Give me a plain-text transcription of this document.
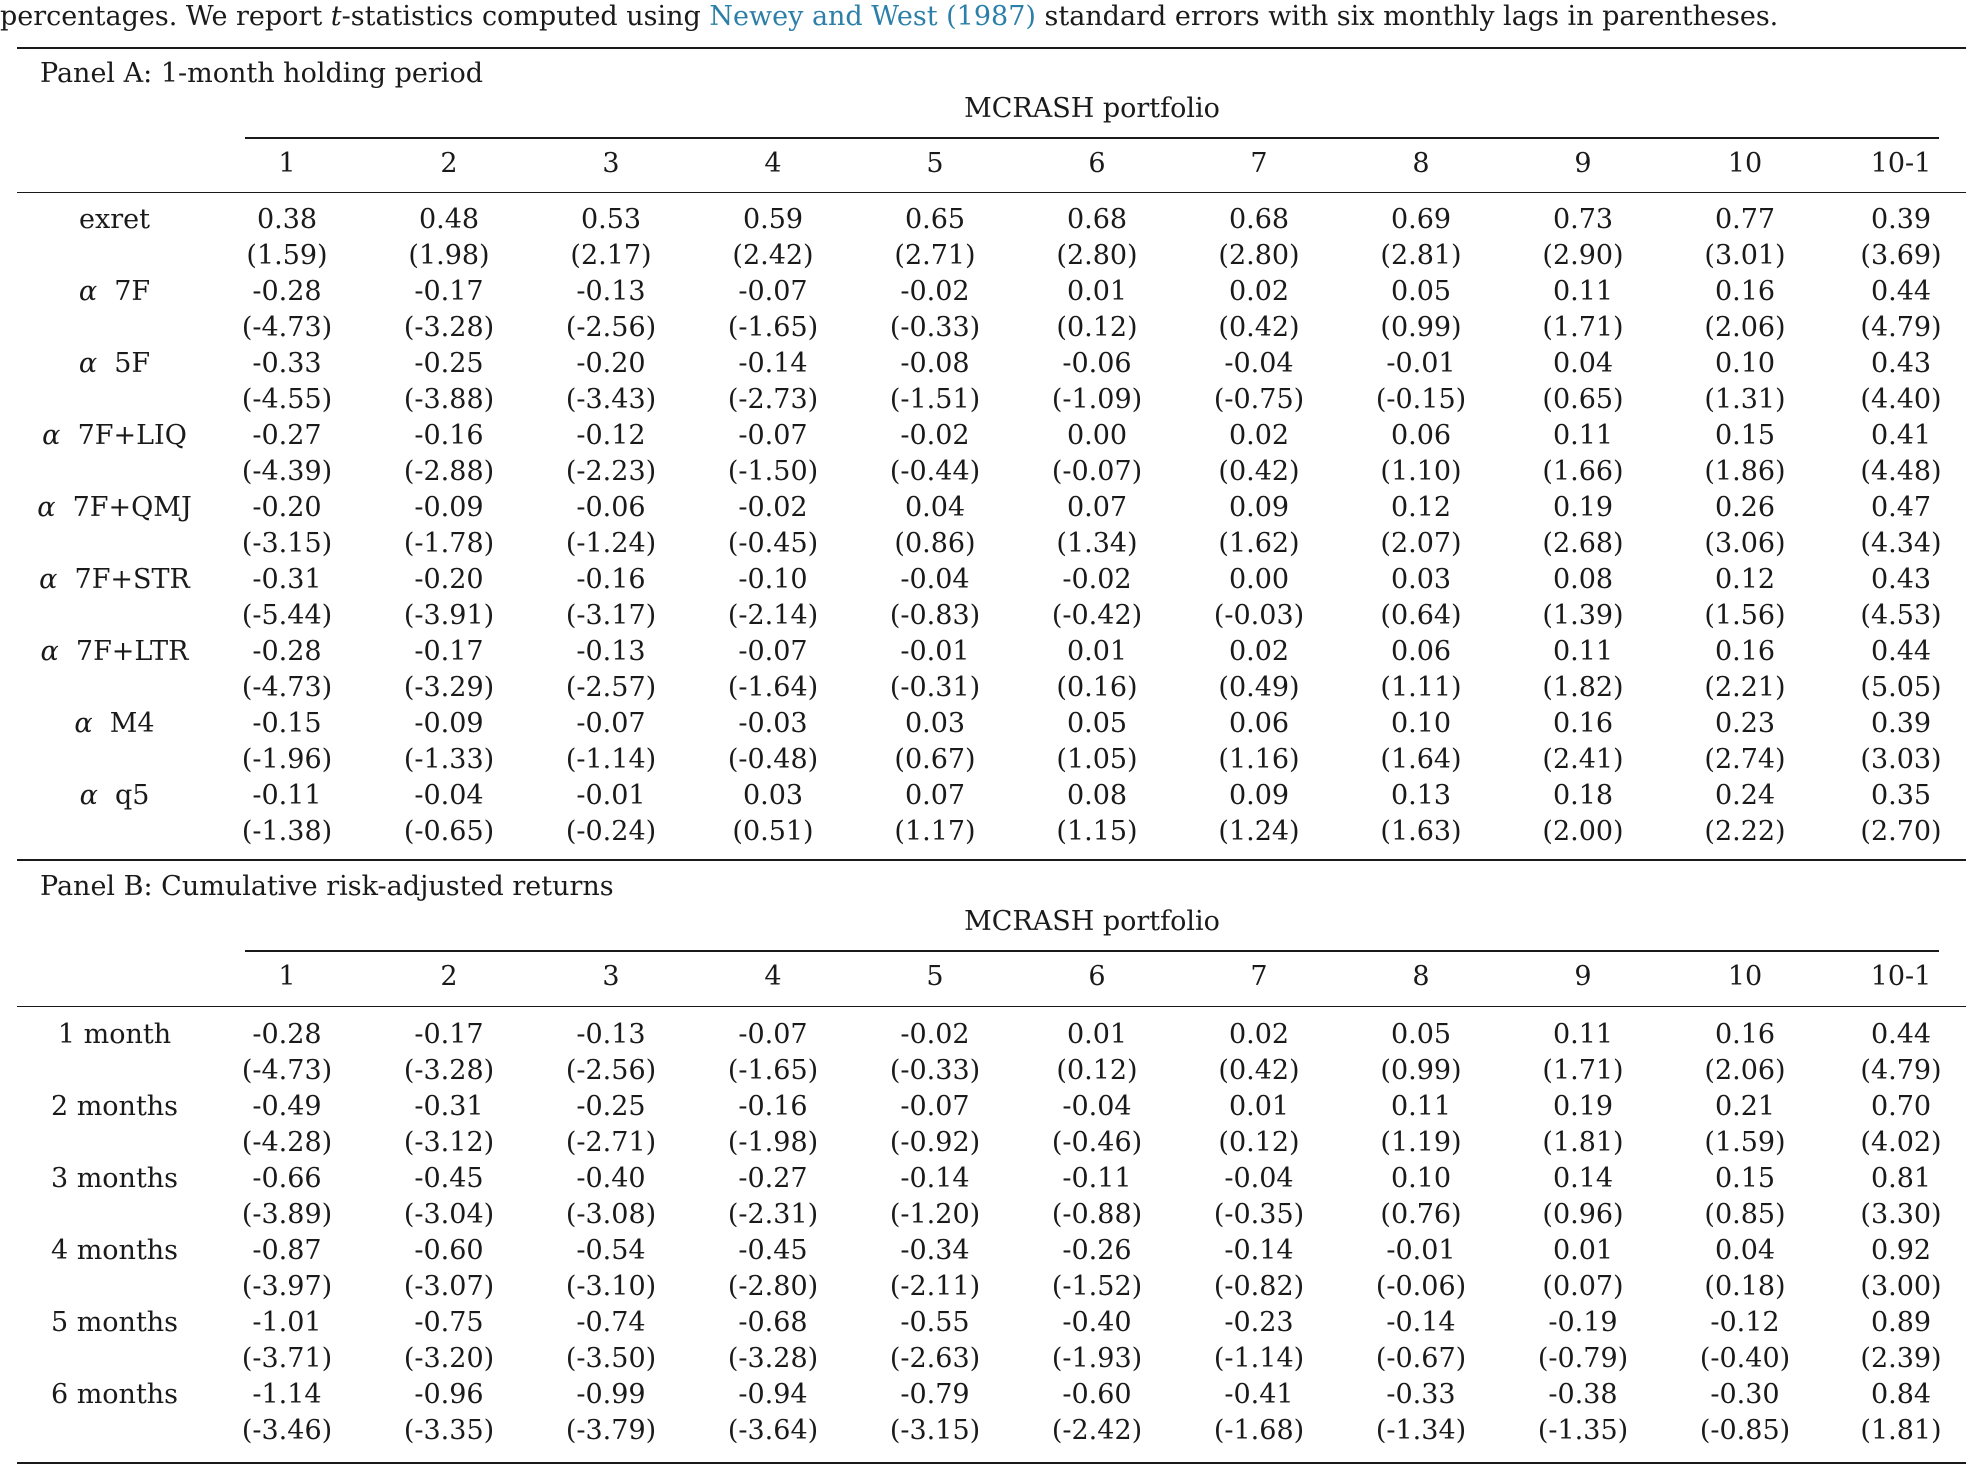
percentages. We report t-statistics computed using Newey and West (1987) standard errors with six monthly lags in parentheses.
Panel A: 1-month holding period
MCRASH portfolio
1	2	3	4	5	6	7	8	9	10	10-1
exret	0.38	0.48	0.53	0.59	0.65	0.68	0.68	0.69	0.73	0.77	0.39
(1.59)	(1.98)	(2.17)	(2.42)	(2.71)	(2.80)	(2.80)	(2.81)	(2.90)	(3.01)	(3.69)
α 7F	-0.28	-0.17	-0.13	-0.07	-0.02	0.01	0.02	0.05	0.11	0.16	0.44
(-4.73)	(-3.28)	(-2.56)	(-1.65)	(-0.33)	(0.12)	(0.42)	(0.99)	(1.71)	(2.06)	(4.79)
α 5F	-0.33	-0.25	-0.20	-0.14	-0.08	-0.06	-0.04	-0.01	0.04	0.10	0.43
(-4.55)	(-3.88)	(-3.43)	(-2.73)	(-1.51)	(-1.09)	(-0.75)	(-0.15)	(0.65)	(1.31)	(4.40)
α 7F+LIQ	-0.27	-0.16	-0.12	-0.07	-0.02	0.00	0.02	0.06	0.11	0.15	0.41
(-4.39)	(-2.88)	(-2.23)	(-1.50)	(-0.44)	(-0.07)	(0.42)	(1.10)	(1.66)	(1.86)	(4.48)
α 7F+QMJ	-0.20	-0.09	-0.06	-0.02	0.04	0.07	0.09	0.12	0.19	0.26	0.47
(-3.15)	(-1.78)	(-1.24)	(-0.45)	(0.86)	(1.34)	(1.62)	(2.07)	(2.68)	(3.06)	(4.34)
α 7F+STR	-0.31	-0.20	-0.16	-0.10	-0.04	-0.02	0.00	0.03	0.08	0.12	0.43
(-5.44)	(-3.91)	(-3.17)	(-2.14)	(-0.83)	(-0.42)	(-0.03)	(0.64)	(1.39)	(1.56)	(4.53)
α 7F+LTR	-0.28	-0.17	-0.13	-0.07	-0.01	0.01	0.02	0.06	0.11	0.16	0.44
(-4.73)	(-3.29)	(-2.57)	(-1.64)	(-0.31)	(0.16)	(0.49)	(1.11)	(1.82)	(2.21)	(5.05)
α M4	-0.15	-0.09	-0.07	-0.03	0.03	0.05	0.06	0.10	0.16	0.23	0.39
(-1.96)	(-1.33)	(-1.14)	(-0.48)	(0.67)	(1.05)	(1.16)	(1.64)	(2.41)	(2.74)	(3.03)
α q5	-0.11	-0.04	-0.01	0.03	0.07	0.08	0.09	0.13	0.18	0.24	0.35
(-1.38)	(-0.65)	(-0.24)	(0.51)	(1.17)	(1.15)	(1.24)	(1.63)	(2.00)	(2.22)	(2.70)
Panel B: Cumulative risk-adjusted returns
MCRASH portfolio
1	2	3	4	5	6	7	8	9	10	10-1
1 month	-0.28	-0.17	-0.13	-0.07	-0.02	0.01	0.02	0.05	0.11	0.16	0.44
(-4.73)	(-3.28)	(-2.56)	(-1.65)	(-0.33)	(0.12)	(0.42)	(0.99)	(1.71)	(2.06)	(4.79)
2 months	-0.49	-0.31	-0.25	-0.16	-0.07	-0.04	0.01	0.11	0.19	0.21	0.70
(-4.28)	(-3.12)	(-2.71)	(-1.98)	(-0.92)	(-0.46)	(0.12)	(1.19)	(1.81)	(1.59)	(4.02)
3 months	-0.66	-0.45	-0.40	-0.27	-0.14	-0.11	-0.04	0.10	0.14	0.15	0.81
(-3.89)	(-3.04)	(-3.08)	(-2.31)	(-1.20)	(-0.88)	(-0.35)	(0.76)	(0.96)	(0.85)	(3.30)
4 months	-0.87	-0.60	-0.54	-0.45	-0.34	-0.26	-0.14	-0.01	0.01	0.04	0.92
(-3.97)	(-3.07)	(-3.10)	(-2.80)	(-2.11)	(-1.52)	(-0.82)	(-0.06)	(0.07)	(0.18)	(3.00)
5 months	-1.01	-0.75	-0.74	-0.68	-0.55	-0.40	-0.23	-0.14	-0.19	-0.12	0.89
(-3.71)	(-3.20)	(-3.50)	(-3.28)	(-2.63)	(-1.93)	(-1.14)	(-0.67)	(-0.79)	(-0.40)	(2.39)
6 months	-1.14	-0.96	-0.99	-0.94	-0.79	-0.60	-0.41	-0.33	-0.38	-0.30	0.84
(-3.46)	(-3.35)	(-3.79)	(-3.64)	(-3.15)	(-2.42)	(-1.68)	(-1.34)	(-1.35)	(-0.85)	(1.81)
